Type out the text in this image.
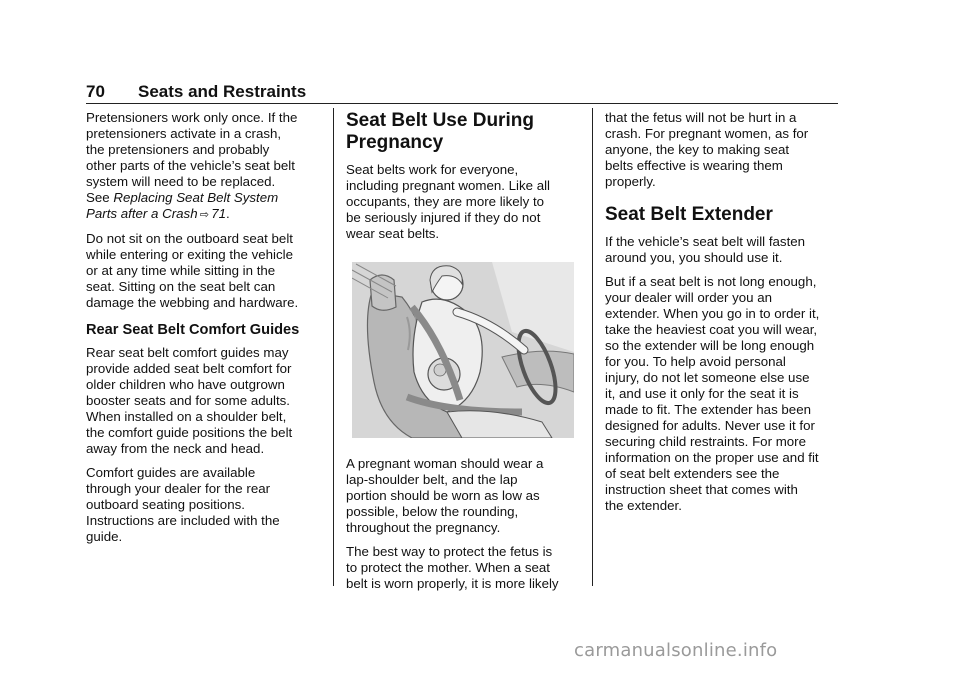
70 Seats and Restraints

Pretensioners work only once. If the
pretensioners activate in a crash,
the pretensioners and probably
other parts of the vehicle’s seat belt
system will need to be replaced.
See Replacing Seat Belt System
Parts after a Crash ⇨ 71.

Do not sit on the outboard seat belt
while entering or exiting the vehicle
or at any time while sitting in the
seat. Sitting on the seat belt can
damage the webbing and hardware.

Rear Seat Belt Comfort Guides

Rear seat belt comfort guides may
provide added seat belt comfort for
older children who have outgrown
booster seats and for some adults.
When installed on a shoulder belt,
the comfort guide positions the belt
away from the neck and head.

Comfort guides are available
through your dealer for the rear
outboard seating positions.
Instructions are included with the
guide.

Seat Belt Use During
Pregnancy

Seat belts work for everyone,
including pregnant women. Like all
occupants, they are more likely to
be seriously injured if they do not
wear seat belts.

A pregnant woman should wear a
lap-shoulder belt, and the lap
portion should be worn as low as
possible, below the rounding,
throughout the pregnancy.

The best way to protect the fetus is
to protect the mother. When a seat
belt is worn properly, it is more likely

that the fetus will not be hurt in a
crash. For pregnant women, as for
anyone, the key to making seat
belts effective is wearing them
properly.

Seat Belt Extender

If the vehicle’s seat belt will fasten
around you, you should use it.

But if a seat belt is not long enough,
your dealer will order you an
extender. When you go in to order it,
take the heaviest coat you will wear,
so the extender will be long enough
for you. To help avoid personal
injury, do not let someone else use
it, and use it only for the seat it is
made to fit. The extender has been
designed for adults. Never use it for
securing child restraints. For more
information on the proper use and fit
of seat belt extenders see the
instruction sheet that comes with
the extender.

carmanualsonline.info
